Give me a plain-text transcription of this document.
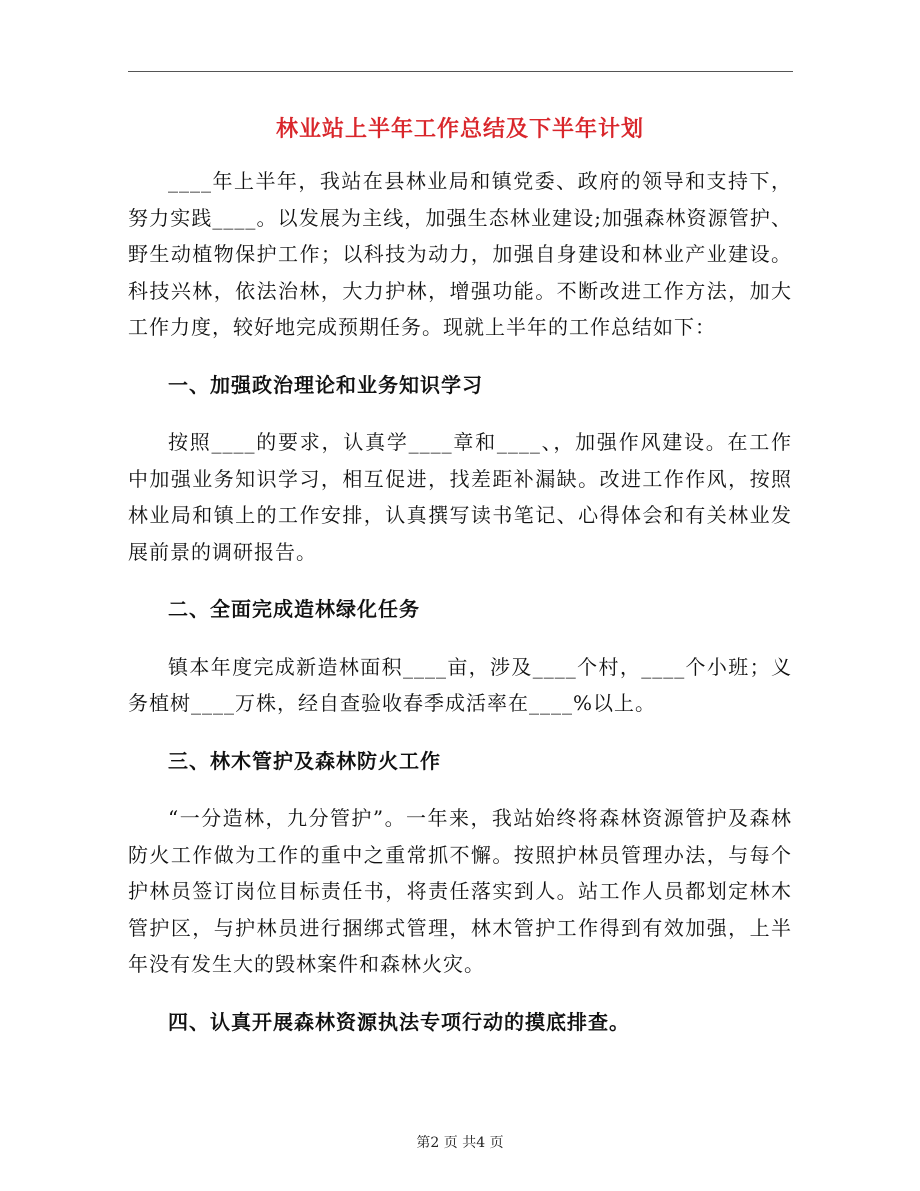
林业站上半年工作总结及下半年计划

____年上半年，我站在县林业局和镇党委、政府的领导和支持下，努力实践____。以发展为主线，加强生态林业建设;加强森林资源管护、野生动植物保护工作；以科技为动力，加强自身建设和林业产业建设。科技兴林，依法治林，大力护林，增强功能。不断改进工作方法，加大工作力度，较好地完成预期任务。现就上半年的工作总结如下：

一、加强政治理论和业务知识学习

按照____的要求，认真学____章和____、，加强作风建设。在工作中加强业务知识学习，相互促进，找差距补漏缺。改进工作作风，按照林业局和镇上的工作安排，认真撰写读书笔记、心得体会和有关林业发展前景的调研报告。

二、全面完成造林绿化任务

镇本年度完成新造林面积____亩，涉及____个村，____个小班；义务植树____万株，经自查验收春季成活率在____%以上。

三、林木管护及森林防火工作

“一分造林，九分管护”。一年来，我站始终将森林资源管护及森林防火工作做为工作的重中之重常抓不懈。按照护林员管理办法，与每个护林员签订岗位目标责任书，将责任落实到人。站工作人员都划定林木管护区，与护林员进行捆绑式管理，林木管护工作得到有效加强，上半年没有发生大的毁林案件和森林火灾。

四、认真开展森林资源执法专项行动的摸底排查。
第2 页 共4 页
